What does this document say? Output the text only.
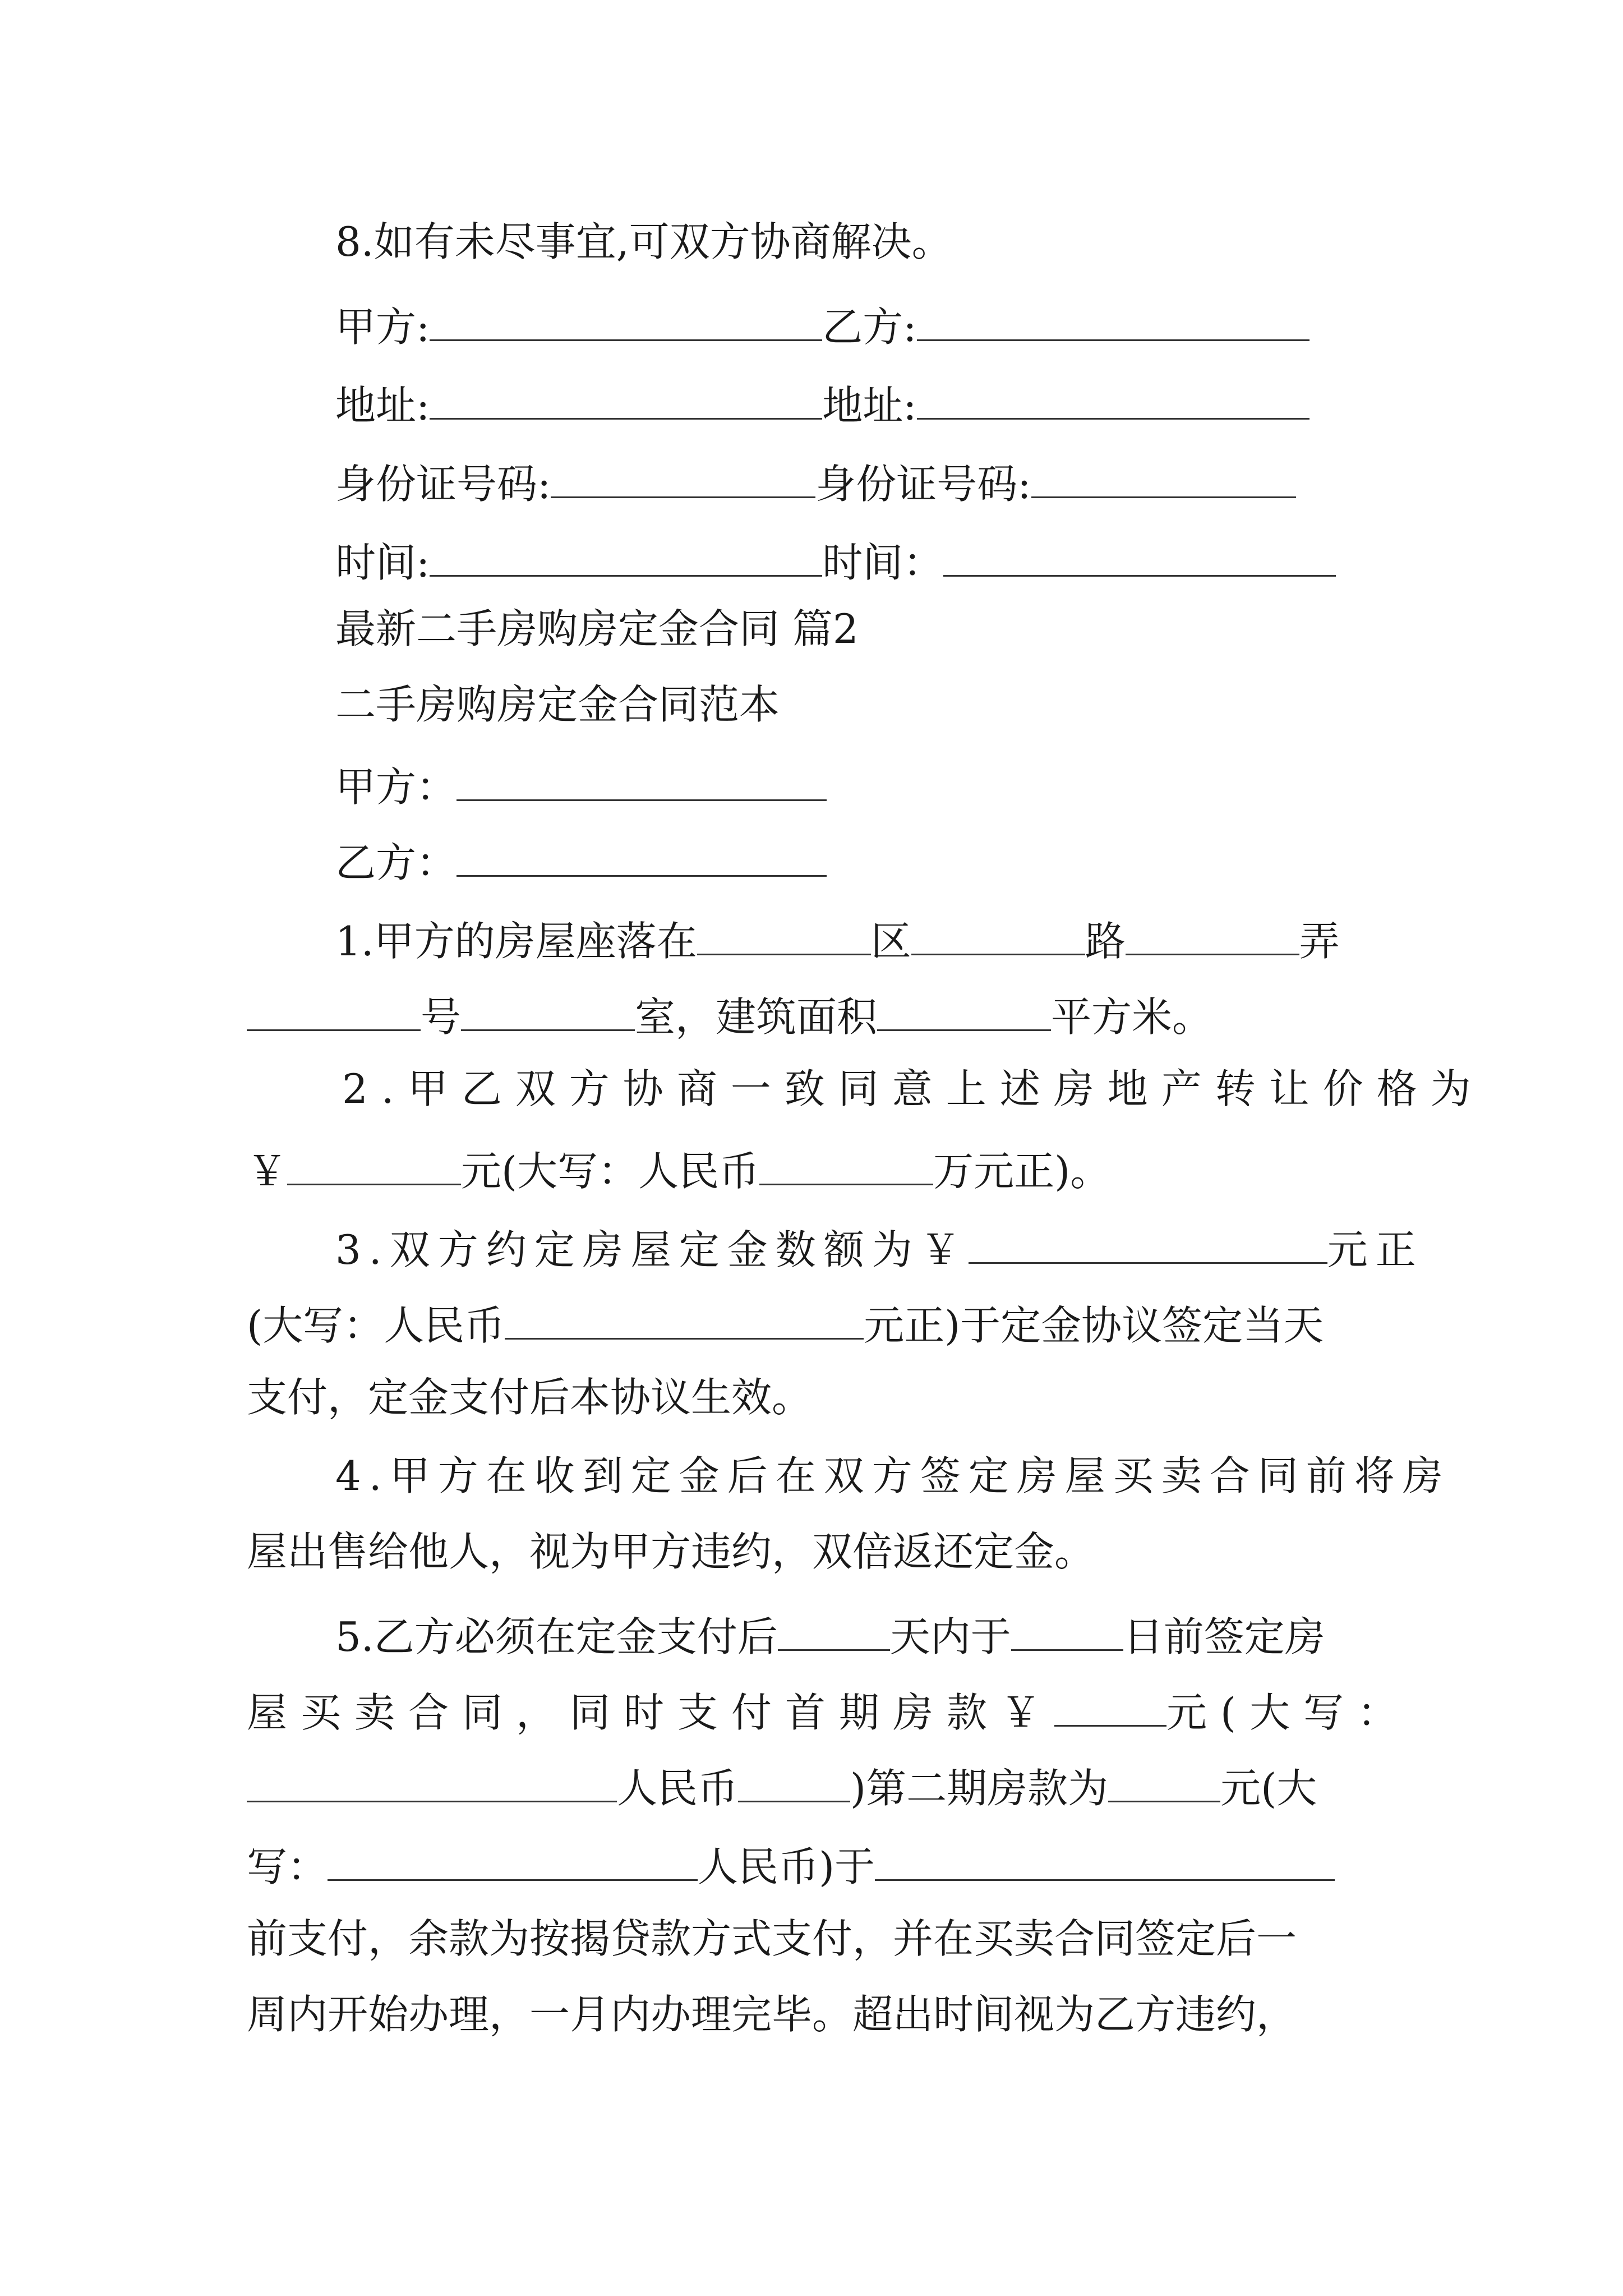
8.如有未尽事宜,可双方协商解决。
甲方:	乙方:
地址:	地址:
身份证号码:	身份证号码:
时间:	时间：
最新二手房购房定金合同 篇2
二手房购房定金合同范本
甲方：
乙方：
1.甲方的房屋座落在	区	路	弄
号	室，建筑面积	平方米。
2.甲乙双方协商一致同意上述房地产转让价格为
￥	元(大写：人民币	万元正)。
3.双方约定房屋定金数额为￥	元正
(大写：人民币	元正)于定金协议签定当天
支付，定金支付后本协议生效。
4.甲方在收到定金后在双方签定房屋买卖合同前将房
屋出售给他人，视为甲方违约，双倍返还定金。
5.乙方必须在定金支付后	天内于	日前签定房
屋买卖合同，同时支付首期房款￥	元(大写：
人民币	)第二期房款为	元(大
写：	人民币)于
前支付，余款为按揭贷款方式支付，并在买卖合同签定后一
周内开始办理，一月内办理完毕。超出时间视为乙方违约，
